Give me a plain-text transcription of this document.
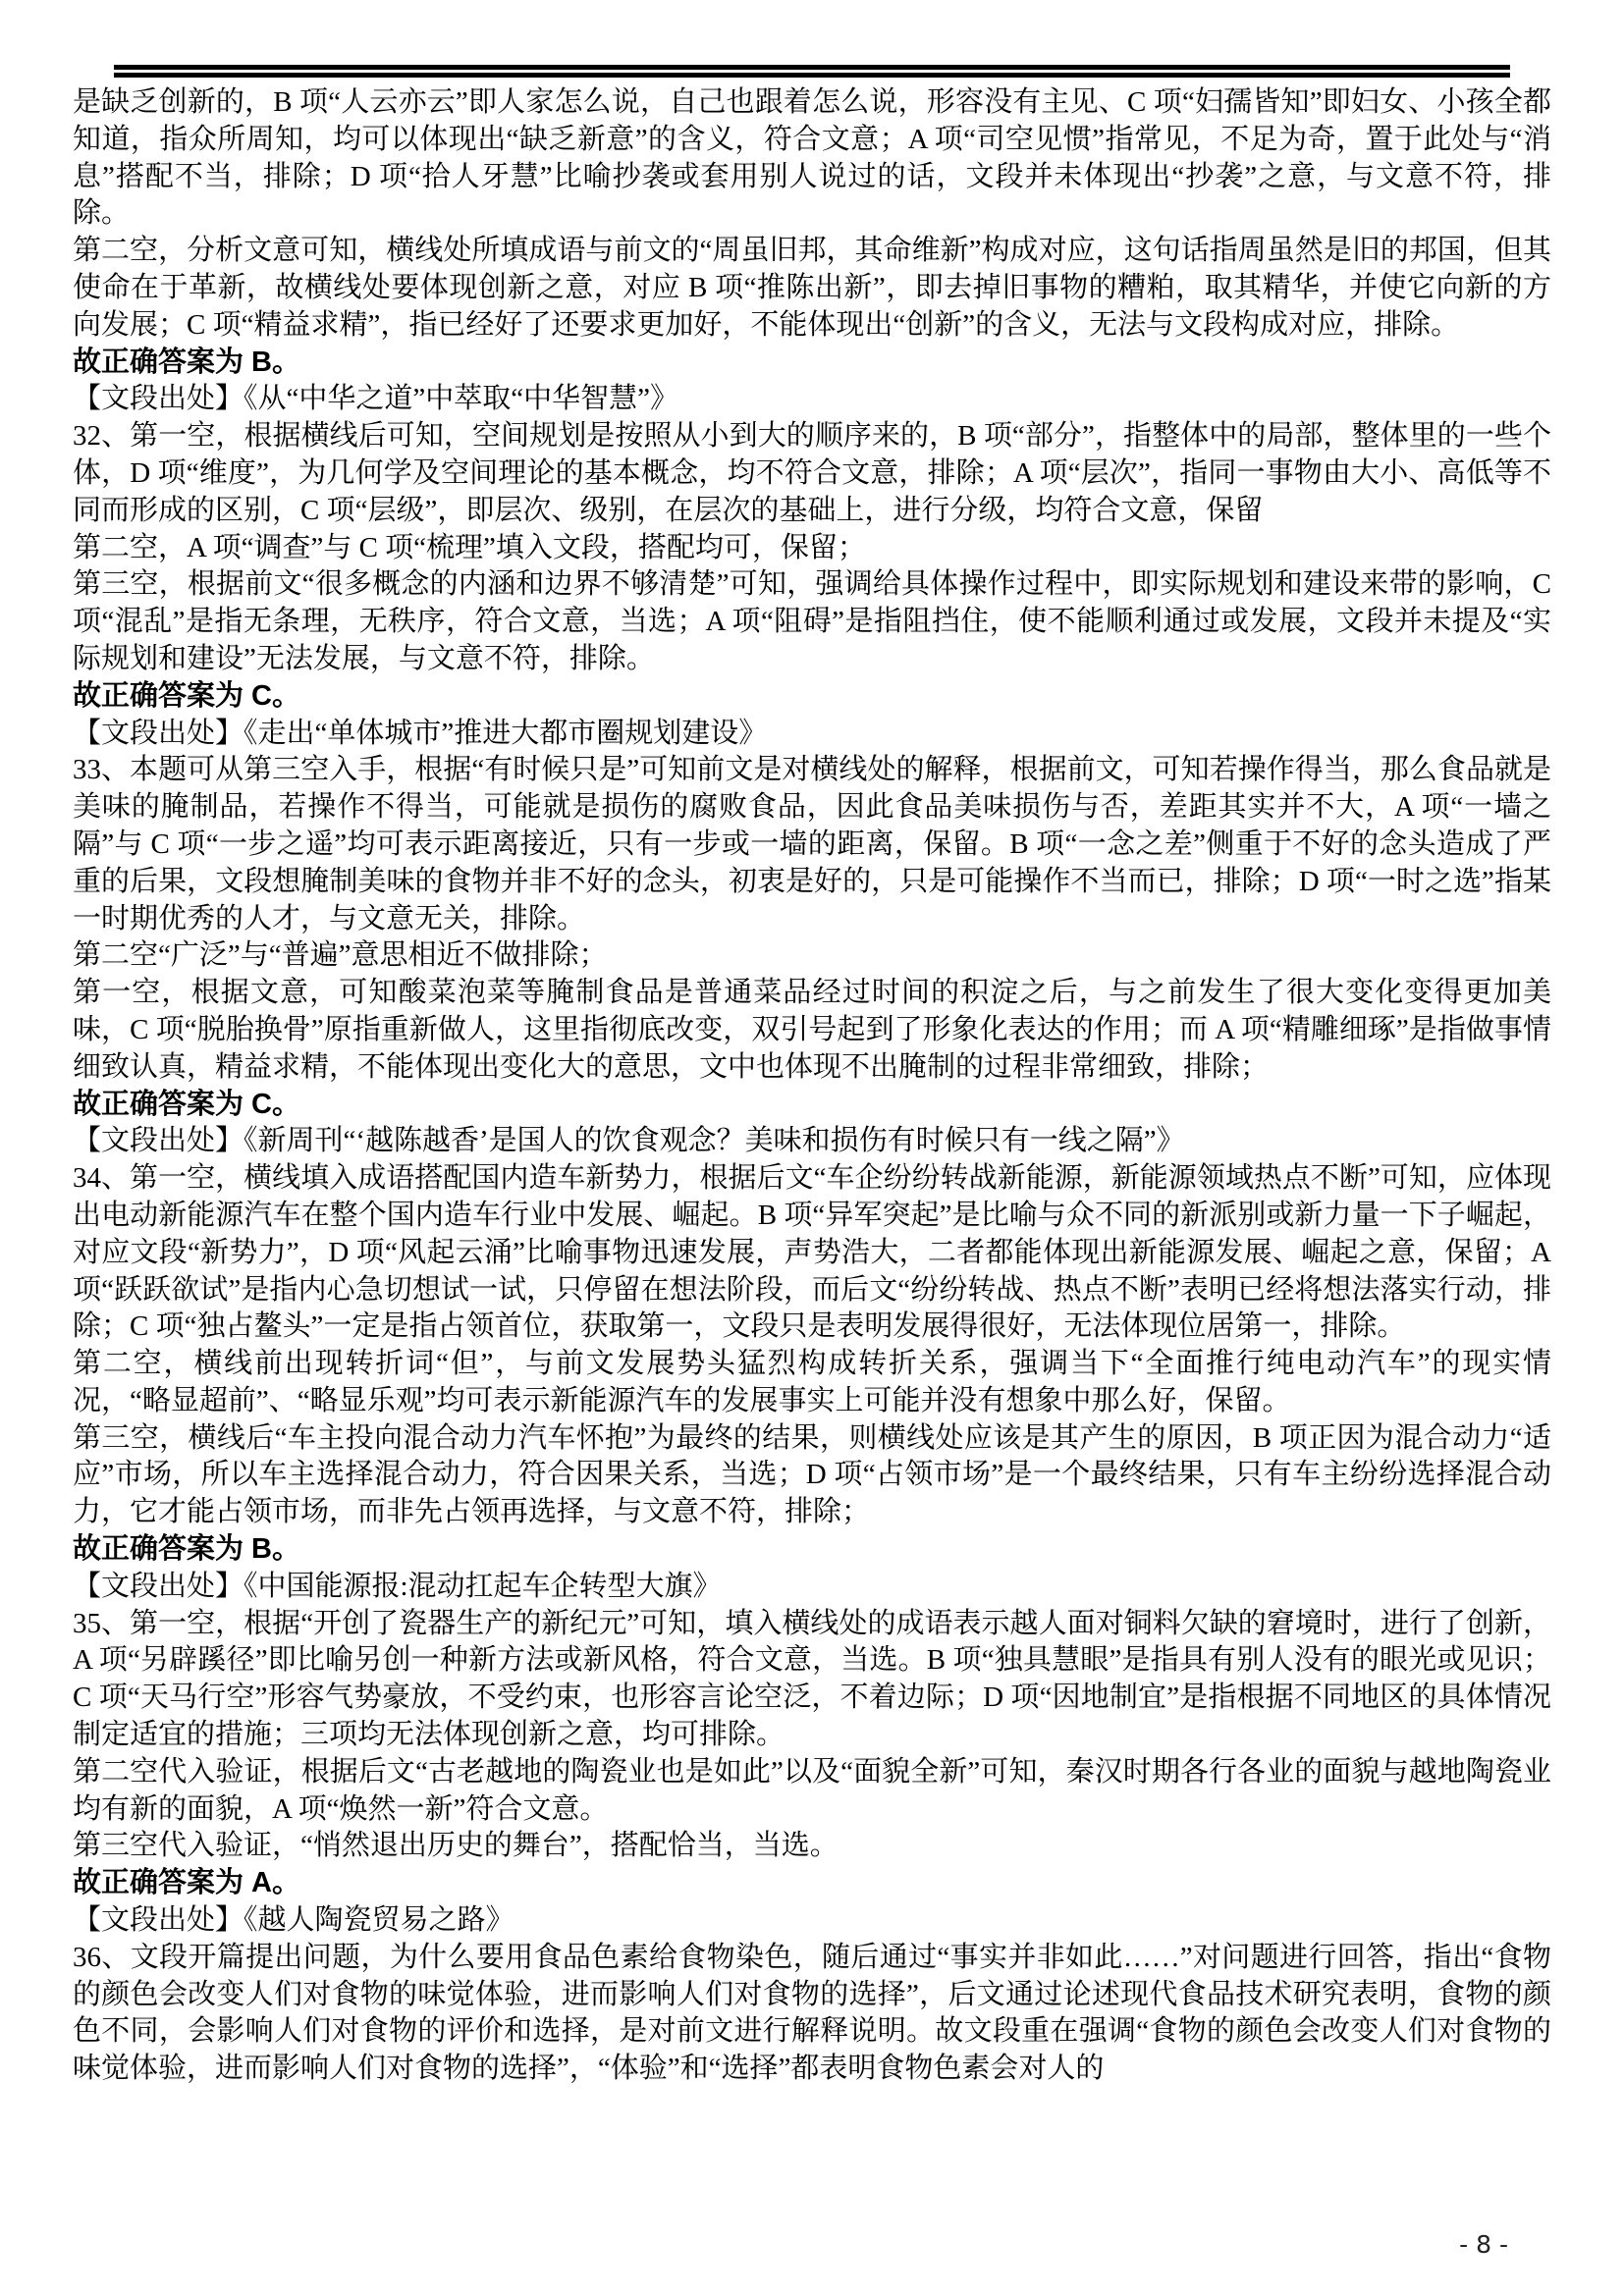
是缺乏创新的，B 项“人云亦云”即人家怎么说，自己也跟着怎么说，形容没有主见、C 项“妇孺皆知”即妇女、小孩全都知道，指众所周知，均可以体现出“缺乏新意”的含义，符合文意；A 项“司空见惯”指常见，不足为奇，置于此处与“消息”搭配不当，排除；D 项“拾人牙慧”比喻抄袭或套用别人说过的话，文段并未体现出“抄袭”之意，与文意不符，排除。

第二空，分析文意可知，横线处所填成语与前文的“周虽旧邦，其命维新”构成对应，这句话指周虽然是旧的邦国，但其使命在于革新，故横线处要体现创新之意，对应 B 项“推陈出新”，即去掉旧事物的糟粕，取其精华，并使它向新的方向发展；C 项“精益求精”，指已经好了还要求更加好，不能体现出“创新”的含义，无法与文段构成对应，排除。

故正确答案为 B。

【文段出处】《从“中华之道”中萃取“中华智慧”》

32、第一空，根据横线后可知，空间规划是按照从小到大的顺序来的，B 项“部分”，指整体中的局部，整体里的一些个体，D 项“维度”，为几何学及空间理论的基本概念，均不符合文意，排除；A 项“层次”，指同一事物由大小、高低等不同而形成的区别，C 项“层级”，即层次、级别，在层次的基础上，进行分级，均符合文意，保留

第二空，A 项“调查”与 C 项“梳理”填入文段，搭配均可，保留；

第三空，根据前文“很多概念的内涵和边界不够清楚”可知，强调给具体操作过程中，即实际规划和建设来带的影响，C 项“混乱”是指无条理，无秩序，符合文意，当选；A 项“阻碍”是指阻挡住，使不能顺利通过或发展，文段并未提及“实际规划和建设”无法发展，与文意不符，排除。

故正确答案为 C。

【文段出处】《走出“单体城市”推进大都市圈规划建设》

33、本题可从第三空入手，根据“有时候只是”可知前文是对横线处的解释，根据前文，可知若操作得当，那么食品就是美味的腌制品，若操作不得当，可能就是损伤的腐败食品，因此食品美味损伤与否，差距其实并不大，A 项“一墙之隔”与 C 项“一步之遥”均可表示距离接近，只有一步或一墙的距离，保留。B 项“一念之差”侧重于不好的念头造成了严重的后果，文段想腌制美味的食物并非不好的念头，初衷是好的，只是可能操作不当而已，排除；D 项“一时之选”指某一时期优秀的人才，与文意无关，排除。

第二空“广泛”与“普遍”意思相近不做排除；

第一空，根据文意，可知酸菜泡菜等腌制食品是普通菜品经过时间的积淀之后，与之前发生了很大变化变得更加美味，C 项“脱胎换骨”原指重新做人，这里指彻底改变，双引号起到了形象化表达的作用；而 A 项“精雕细琢”是指做事情细致认真，精益求精，不能体现出变化大的意思，文中也体现不出腌制的过程非常细致，排除；

故正确答案为 C。

【文段出处】《新周刊“‘越陈越香’是国人的饮食观念？美味和损伤有时候只有一线之隔”》

34、第一空，横线填入成语搭配国内造车新势力，根据后文“车企纷纷转战新能源，新能源领域热点不断”可知，应体现出电动新能源汽车在整个国内造车行业中发展、崛起。B 项“异军突起”是比喻与众不同的新派别或新力量一下子崛起，对应文段“新势力”，D 项“风起云涌”比喻事物迅速发展，声势浩大，二者都能体现出新能源发展、崛起之意，保留；A 项“跃跃欲试”是指内心急切想试一试，只停留在想法阶段，而后文“纷纷转战、热点不断”表明已经将想法落实行动，排除；C 项“独占鳌头”一定是指占领首位，获取第一，文段只是表明发展得很好，无法体现位居第一，排除。

第二空，横线前出现转折词“但”，与前文发展势头猛烈构成转折关系，强调当下“全面推行纯电动汽车”的现实情况，“略显超前”、“略显乐观”均可表示新能源汽车的发展事实上可能并没有想象中那么好，保留。

第三空，横线后“车主投向混合动力汽车怀抱”为最终的结果，则横线处应该是其产生的原因，B 项正因为混合动力“适应”市场，所以车主选择混合动力，符合因果关系，当选；D 项“占领市场”是一个最终结果，只有车主纷纷选择混合动力，它才能占领市场，而非先占领再选择，与文意不符，排除；

故正确答案为 B。

【文段出处】《中国能源报:混动扛起车企转型大旗》

35、第一空，根据“开创了瓷器生产的新纪元”可知，填入横线处的成语表示越人面对铜料欠缺的窘境时，进行了创新，A 项“另辟蹊径”即比喻另创一种新方法或新风格，符合文意，当选。B 项“独具慧眼”是指具有别人没有的眼光或见识；C 项“天马行空”形容气势豪放，不受约束，也形容言论空泛，不着边际；D 项“因地制宜”是指根据不同地区的具体情况制定适宜的措施；三项均无法体现创新之意，均可排除。

第二空代入验证，根据后文“古老越地的陶瓷业也是如此”以及“面貌全新”可知，秦汉时期各行各业的面貌与越地陶瓷业均有新的面貌，A 项“焕然一新”符合文意。

第三空代入验证，“悄然退出历史的舞台”，搭配恰当，当选。

故正确答案为 A。

【文段出处】《越人陶瓷贸易之路》

36、文段开篇提出问题，为什么要用食品色素给食物染色，随后通过“事实并非如此……”对问题进行回答，指出“食物的颜色会改变人们对食物的味觉体验，进而影响人们对食物的选择”，后文通过论述现代食品技术研究表明，食物的颜色不同，会影响人们对食物的评价和选择，是对前文进行解释说明。故文段重在强调“食物的颜色会改变人们对食物的味觉体验，进而影响人们对食物的选择”，“体验”和“选择”都表明食物色素会对人的

- 8 -
